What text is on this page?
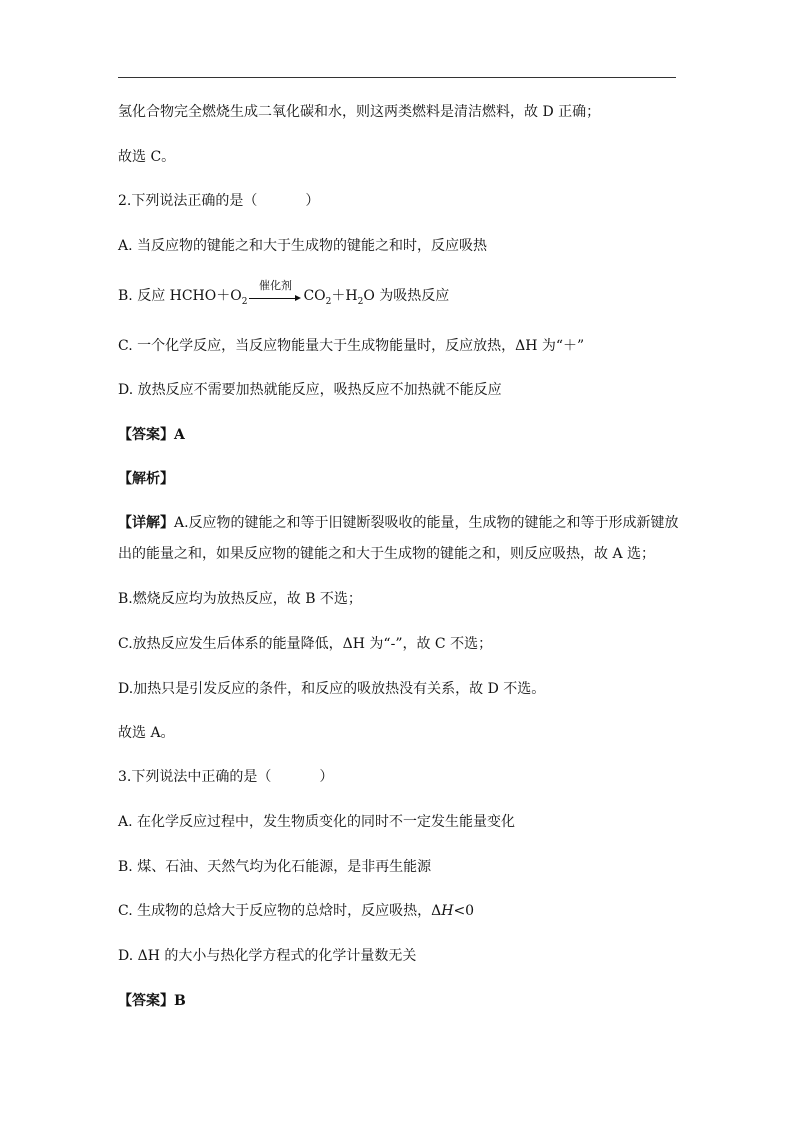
氢化合物完全燃烧生成二氧化碳和水，则这两类燃料是清洁燃料，故 D 正确；
故选 C。
2.下列说法正确的是（	）
A. 当反应物的键能之和大于生成物的键能之和时，反应吸热
B. 反应 $HCHO+O_2$
催化剂
$CO_2+H_2O$ 为吸热反应
C. 一个化学反应，当反应物能量大于生成物能量时，反应放热，ΔH 为“＋”
D. 放热反应不需要加热就能反应，吸热反应不加热就不能反应
【答案】A
【解析】
【详解】A.反应物的键能之和等于旧键断裂吸收的能量，生成物的键能之和等于形成新键放
出的能量之和，如果反应物的键能之和大于生成物的键能之和，则反应吸热，故 A 选；
B.燃烧反应均为放热反应，故 B 不选；
C.放热反应发生后体系的能量降低，ΔH 为“-”，故 C 不选；
D.加热只是引发反应的条件，和反应的吸放热没有关系，故 D 不选。
故选 A。
3.下列说法中正确的是（	）
A. 在化学反应过程中，发生物质变化的同时不一定发生能量变化
B. 煤、石油、天然气均为化石能源，是非再生能源
C. 生成物的总焓大于反应物的总焓时，反应吸热，ΔH<0
D. ΔH 的大小与热化学方程式的化学计量数无关
【答案】B
